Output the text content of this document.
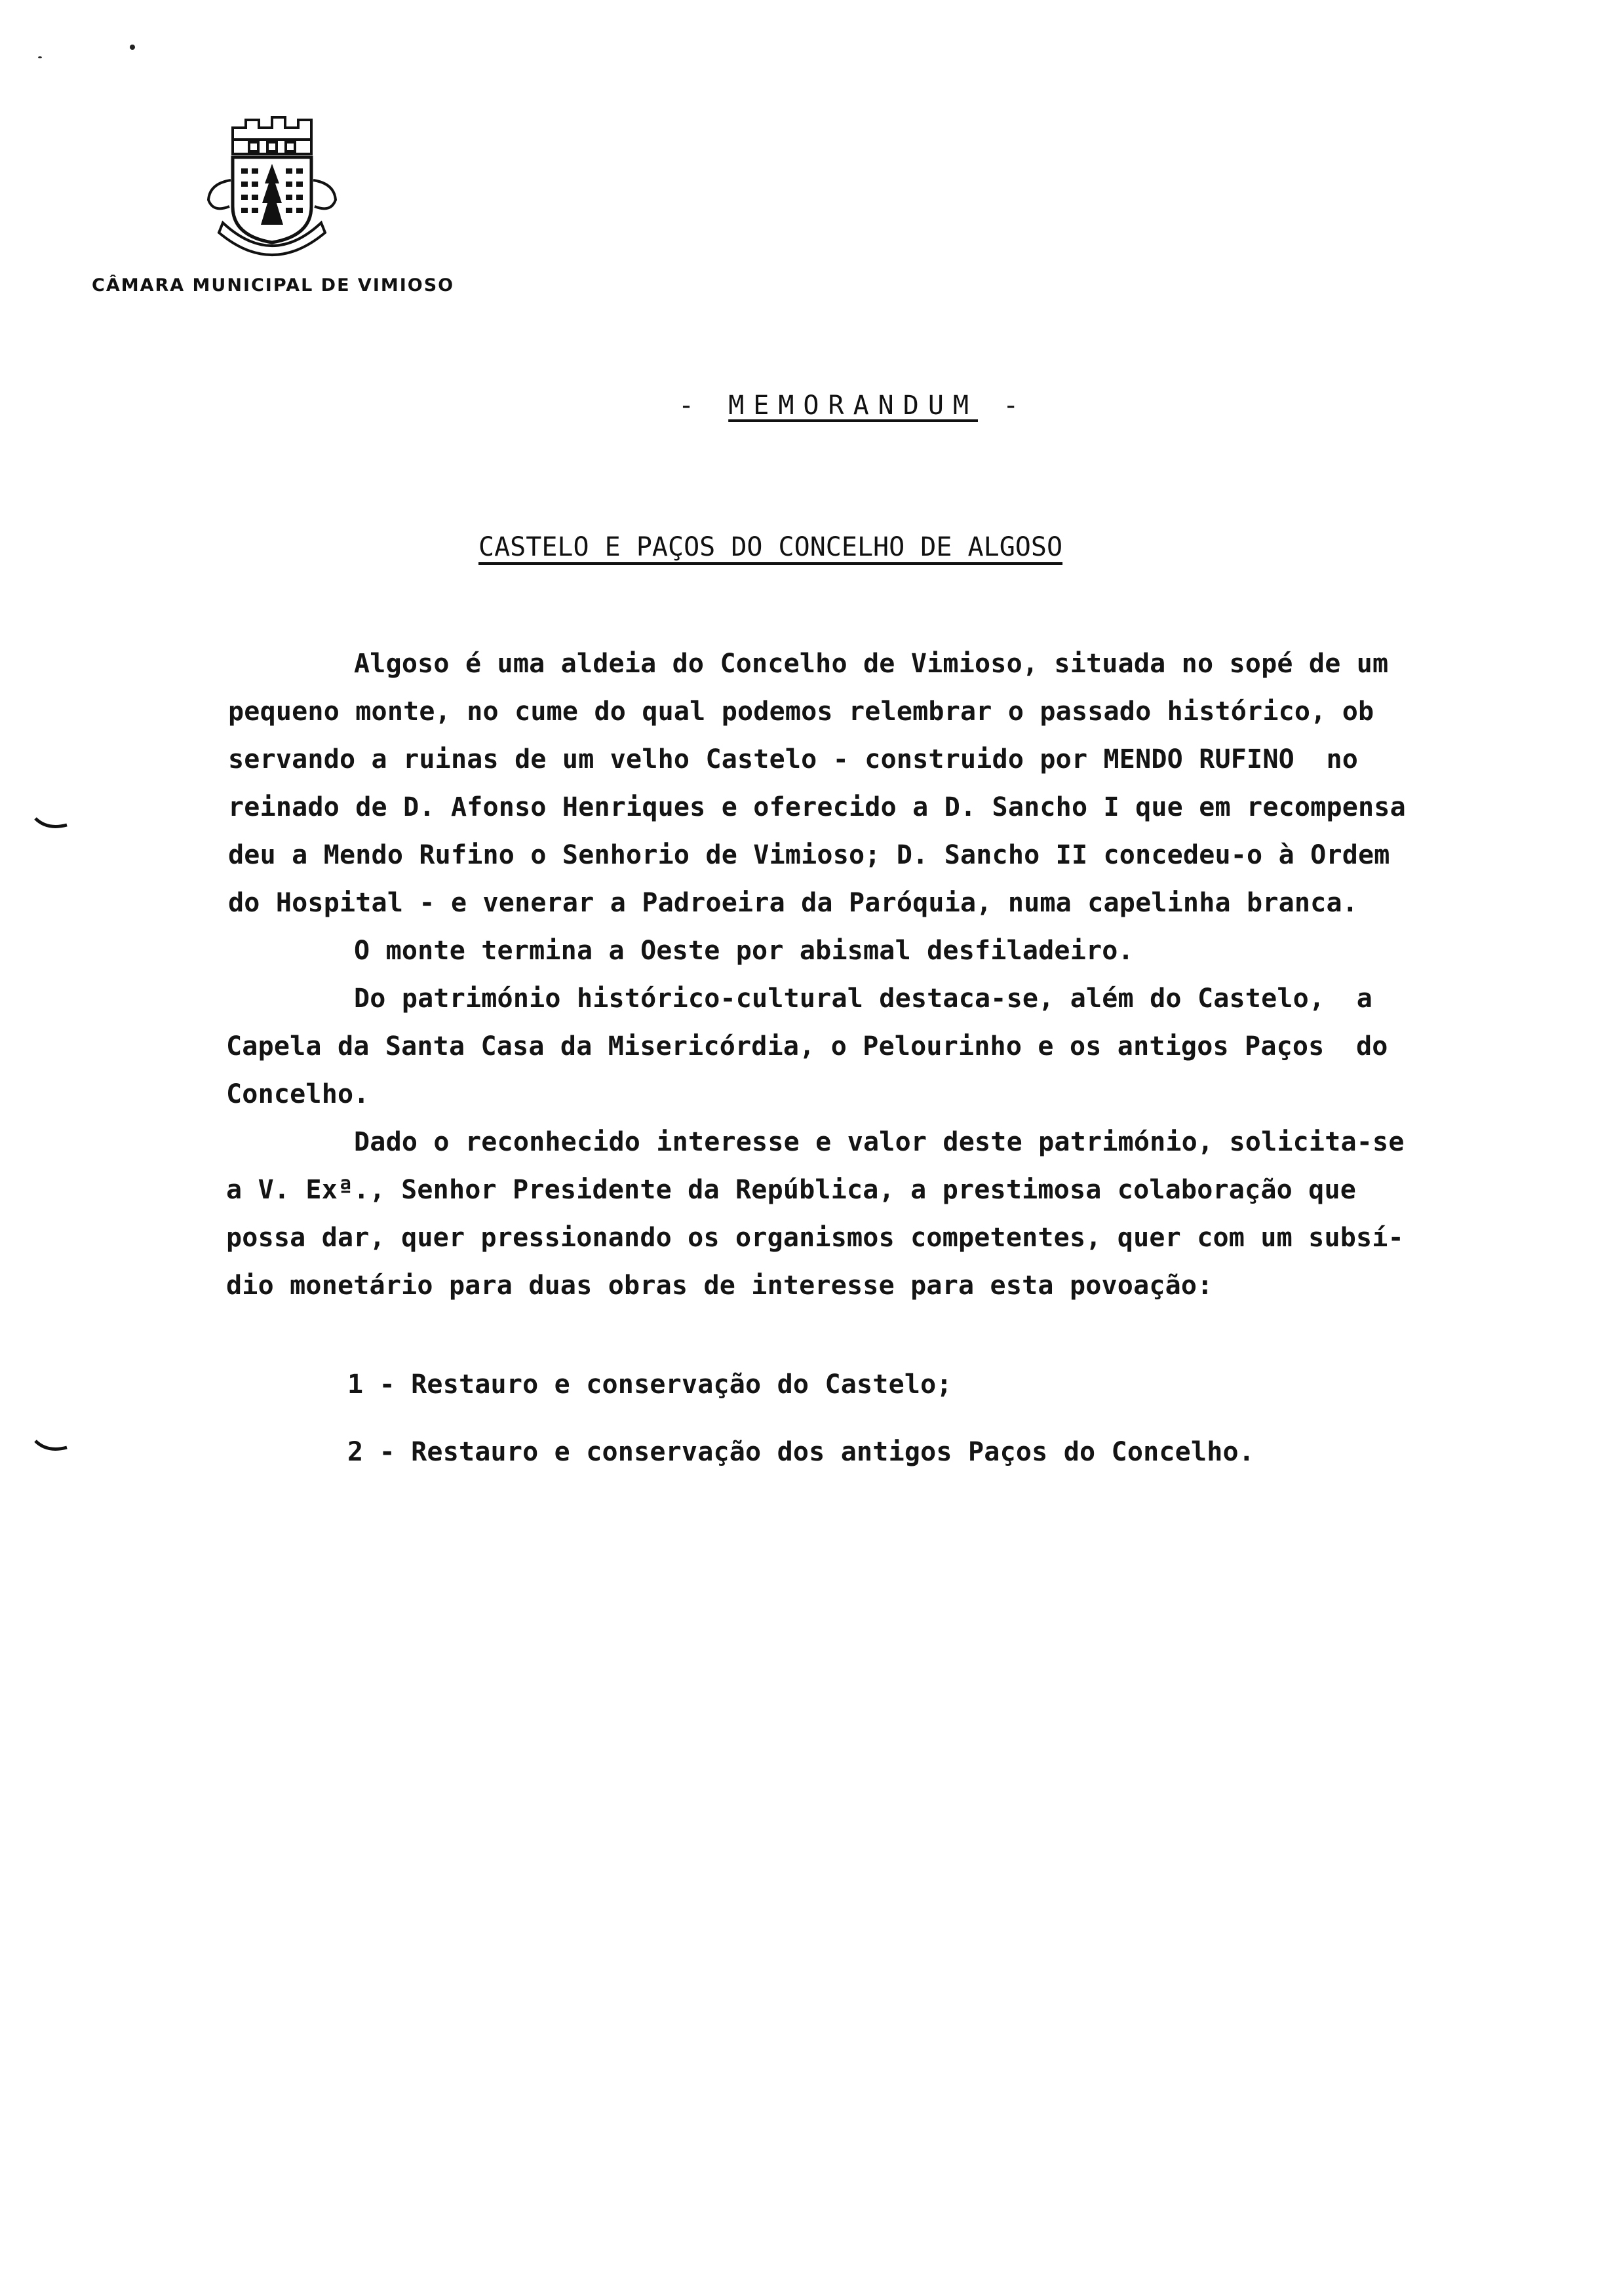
CÂMARA MUNICIPAL DE VIMIOSO
- MEMORANDUM -
CASTELO E PAÇOS DO CONCELHO DE ALGOSO
Algoso é uma aldeia do Concelho de Vimioso, situada no sopé de um
pequeno monte, no cume do qual podemos relembrar o passado histórico, ob
servando a ruinas de um velho Castelo - construido por MENDO RUFINO  no
reinado de D. Afonso Henriques e oferecido a D. Sancho I que em recompensa
deu a Mendo Rufino o Senhorio de Vimioso; D. Sancho II concedeu-o à Ordem
do Hospital - e venerar a Padroeira da Paróquia, numa capelinha branca.
O monte termina a Oeste por abismal desfiladeiro.
Do património histórico-cultural destaca-se, além do Castelo,  a
Capela da Santa Casa da Misericórdia, o Pelourinho e os antigos Paços  do
Concelho.
Dado o reconhecido interesse e valor deste património, solicita-se
a V. Exª., Senhor Presidente da República, a prestimosa colaboração que
possa dar, quer pressionando os organismos competentes, quer com um subsí-
dio monetário para duas obras de interesse para esta povoação:
1 - Restauro e conservação do Castelo;
2 - Restauro e conservação dos antigos Paços do Concelho.
